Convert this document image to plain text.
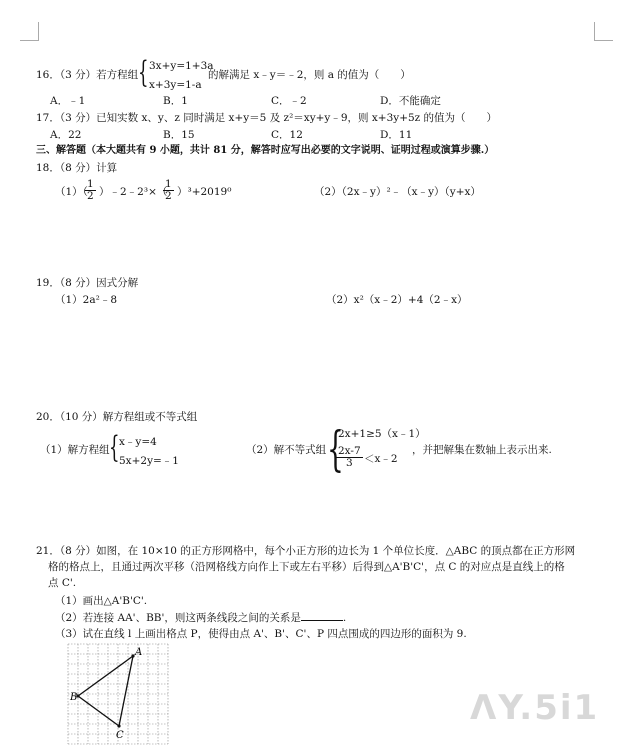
16．（3 分）若方程组 { 3x+y=1+3a
x+3y=1-a
的解满足 x﹣y＝﹣2，则 a 的值为（　　）
A．﹣1	B．1	C．﹣2	D．不能确定
17．（3 分）已知实数 x、y、z 同时满足 x+y＝5 及 z²＝xy+y﹣9，则 x+3y+5z 的值为（　　）
A．22	B．15	C．12	D．11
三、解答题（本大题共有 9 小题，共计 81 分，解答时应写出必要的文字说明、证明过程或演算步骤.）
18．（8 分）计算
（1）（
$\frac{1}{2}$ ）﹣2﹣2³×（
$\frac{1}{2} )^3+2019^0$	（2）（2x﹣y）²﹣（x﹣y）（y+x）
19．（8 分）因式分解
（1）2a²﹣8	（2）x²（x﹣2）+4（2﹣x）
20．（10 分）解方程组或不等式组
（1）解方程组 { x﹣y=4
5x+2y=﹣1
（2）解不等式组 {
2x+1≥5（x﹣1）
$\frac{2x-7}{3}$ ＜x﹣2
，并把解集在数轴上表示出来.
21．（8 分）如图，在 10×10 的正方形网格中，每个小正方形的边长为 1 个单位长度．△ABC 的顶点都在正方形网
格的格点上，且通过两次平移（沿网格线方向作上下或左右平移）后得到△A'B'C'，点 C 的对应点是直线上的格
点 C'.
（1）画出△A'B'C'.
（2）若连接 AA'、BB'，则这两条线段之间的关系是	.
（3）试在直线 l 上画出格点 P，使得由点 A'、B'、C'、P 四点围成的四边形的面积为 9.
A
B
C
ΛY.5i1
